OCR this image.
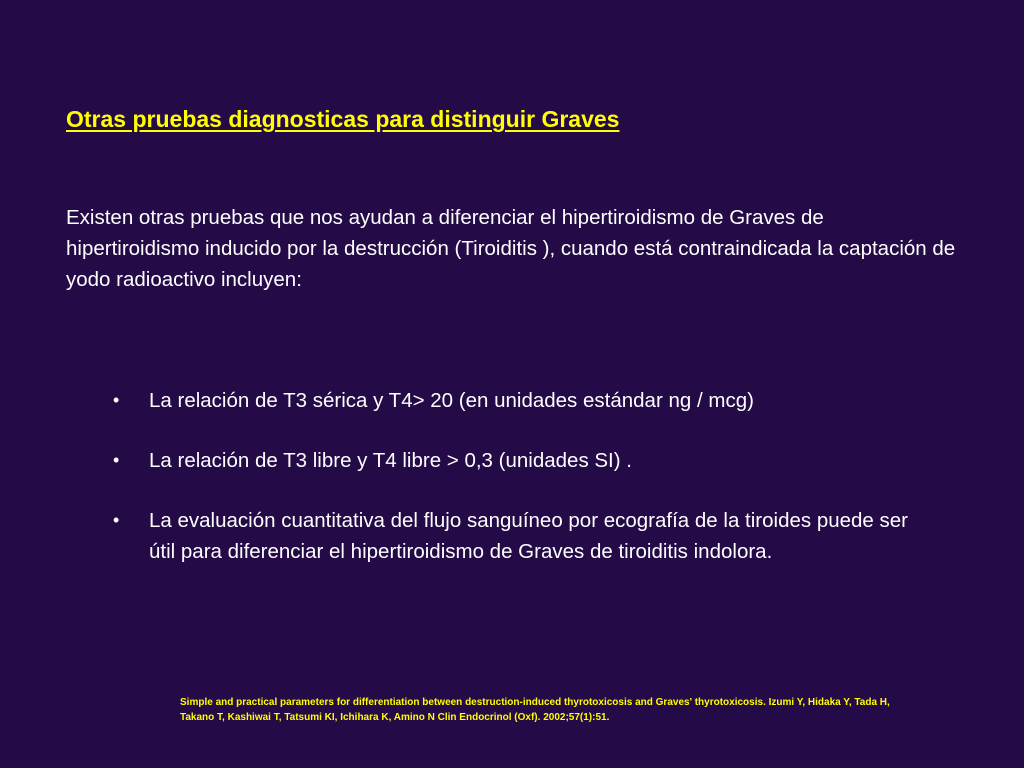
Otras pruebas diagnosticas para distinguir Graves
Existen otras pruebas que nos ayudan a diferenciar el hipertiroidismo de Graves de hipertiroidismo inducido por la destrucción (Tiroiditis ), cuando está contraindicada la captación de yodo radioactivo incluyen:
• La relación de T3 sérica y T4> 20 (en unidades estándar ng / mcg)
• La relación de T3 libre y T4 libre > 0,3 (unidades SI) .
• La evaluación cuantitativa del flujo sanguíneo por ecografía de la tiroides puede ser útil para diferenciar el hipertiroidismo de Graves de tiroiditis indolora.
Simple and practical parameters for differentiation between destruction-induced thyrotoxicosis and Graves' thyrotoxicosis. Izumi Y, Hidaka Y, Tada H, Takano T, Kashiwai T, Tatsumi KI, Ichihara K, Amino N Clin Endocrinol (Oxf). 2002;57(1):51.
